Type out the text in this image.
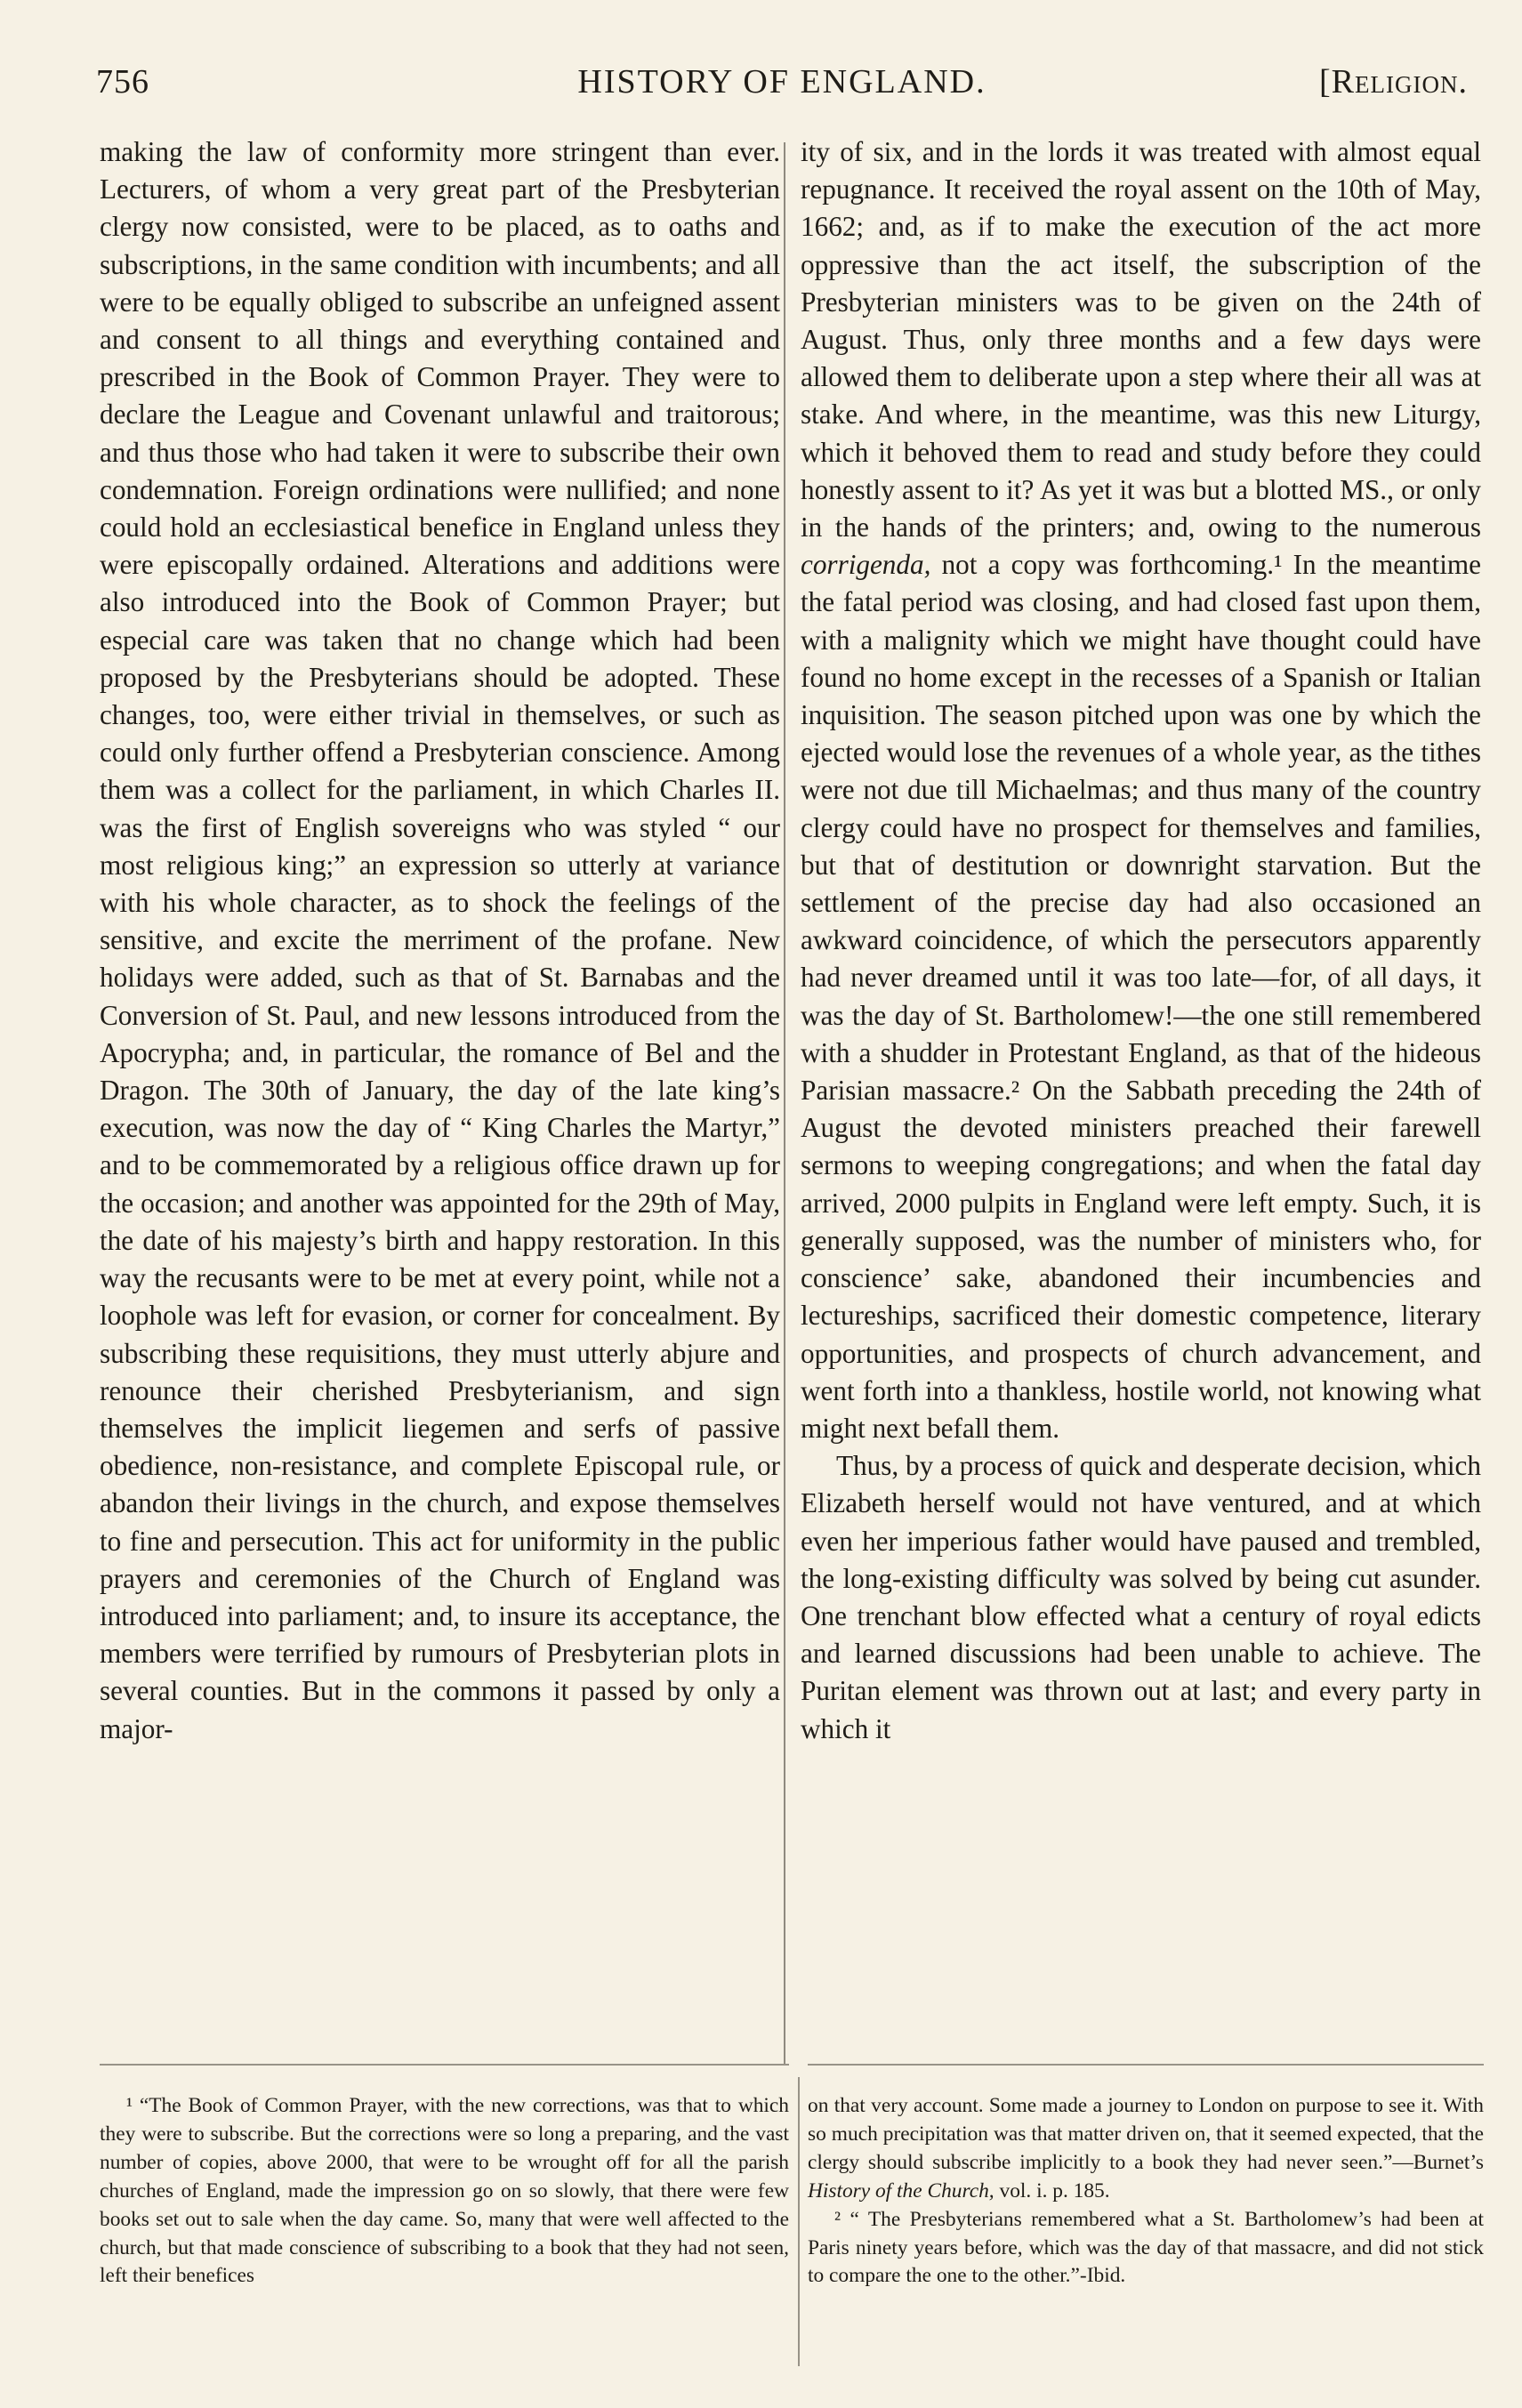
756	HISTORY OF ENGLAND.	[Religion.

making the law of conformity more stringent than ever. Lecturers, of whom a very great part of the Presbyterian clergy now consisted, were to be placed, as to oaths and subscriptions, in the same condition with incumbents; and all were to be equally obliged to subscribe an unfeigned assent and consent to all things and everything contained and prescribed in the Book of Common Prayer. They were to declare the League and Covenant unlawful and traitorous; and thus those who had taken it were to subscribe their own condemnation. Foreign ordinations were nullified; and none could hold an ecclesiastical benefice in England unless they were episcopally ordained. Alterations and additions were also introduced into the Book of Common Prayer; but especial care was taken that no change which had been proposed by the Presbyterians should be adopted. These changes, too, were either trivial in themselves, or such as could only further offend a Presbyterian conscience. Among them was a collect for the parliament, in which Charles II. was the first of English sovereigns who was styled “ our most religious king;” an expression so utterly at variance with his whole character, as to shock the feelings of the sensitive, and excite the merriment of the profane. New holidays were added, such as that of St. Barnabas and the Conversion of St. Paul, and new lessons introduced from the Apocrypha; and, in particular, the romance of Bel and the Dragon. The 30th of January, the day of the late king’s execution, was now the day of “ King Charles the Martyr,” and to be commemorated by a religious office drawn up for the occasion; and another was appointed for the 29th of May, the date of his majesty’s birth and happy restoration. In this way the recusants were to be met at every point, while not a loophole was left for evasion, or corner for concealment. By subscribing these requisitions, they must utterly abjure and renounce their cherished Presbyterianism, and sign themselves the implicit liegemen and serfs of passive obedience, non-resistance, and complete Episcopal rule, or abandon their livings in the church, and expose themselves to fine and persecution. This act for uniformity in the public prayers and ceremonies of the Church of England was introduced into parliament; and, to insure its acceptance, the members were terrified by rumours of Presbyterian plots in several counties. But in the commons it passed by only a major-

ity of six, and in the lords it was treated with almost equal repugnance. It received the royal assent on the 10th of May, 1662; and, as if to make the execution of the act more oppressive than the act itself, the subscription of the Presbyterian ministers was to be given on the 24th of August. Thus, only three months and a few days were allowed them to deliberate upon a step where their all was at stake. And where, in the meantime, was this new Liturgy, which it behoved them to read and study before they could honestly assent to it? As yet it was but a blotted MS., or only in the hands of the printers; and, owing to the numerous corrigenda, not a copy was forthcoming.¹ In the meantime the fatal period was closing, and had closed fast upon them, with a malignity which we might have thought could have found no home except in the recesses of a Spanish or Italian inquisition. The season pitched upon was one by which the ejected would lose the revenues of a whole year, as the tithes were not due till Michaelmas; and thus many of the country clergy could have no prospect for themselves and families, but that of destitution or downright starvation. But the settlement of the precise day had also occasioned an awkward coincidence, of which the persecutors apparently had never dreamed until it was too late—for, of all days, it was the day of St. Bartholomew!—the one still remembered with a shudder in Protestant England, as that of the hideous Parisian massacre.² On the Sabbath preceding the 24th of August the devoted ministers preached their farewell sermons to weeping congregations; and when the fatal day arrived, 2000 pulpits in England were left empty. Such, it is generally supposed, was the number of ministers who, for conscience’ sake, abandoned their incumbencies and lectureships, sacrificed their domestic competence, literary opportunities, and prospects of church advancement, and went forth into a thankless, hostile world, not knowing what might next befall them.

Thus, by a process of quick and desperate decision, which Elizabeth herself would not have ventured, and at which even her imperious father would have paused and trembled, the long-existing difficulty was solved by being cut asunder. One trenchant blow effected what a century of royal edicts and learned discussions had been unable to achieve. The Puritan element was thrown out at last; and every party in which it

¹ “The Book of Common Prayer, with the new corrections, was that to which they were to subscribe. But the corrections were so long a preparing, and the vast number of copies, above 2000, that were to be wrought off for all the parish churches of England, made the impression go on so slowly, that there were few books set out to sale when the day came. So, many that were well affected to the church, but that made conscience of subscribing to a book that they had not seen, left their benefices

on that very account. Some made a journey to London on purpose to see it. With so much precipitation was that matter driven on, that it seemed expected, that the clergy should subscribe implicitly to a book they had never seen.”—Burnet’s History of the Church, vol. i. p. 185.

² “ The Presbyterians remembered what a St. Bartholomew’s had been at Paris ninety years before, which was the day of that massacre, and did not stick to compare the one to the other.”-Ibid.
